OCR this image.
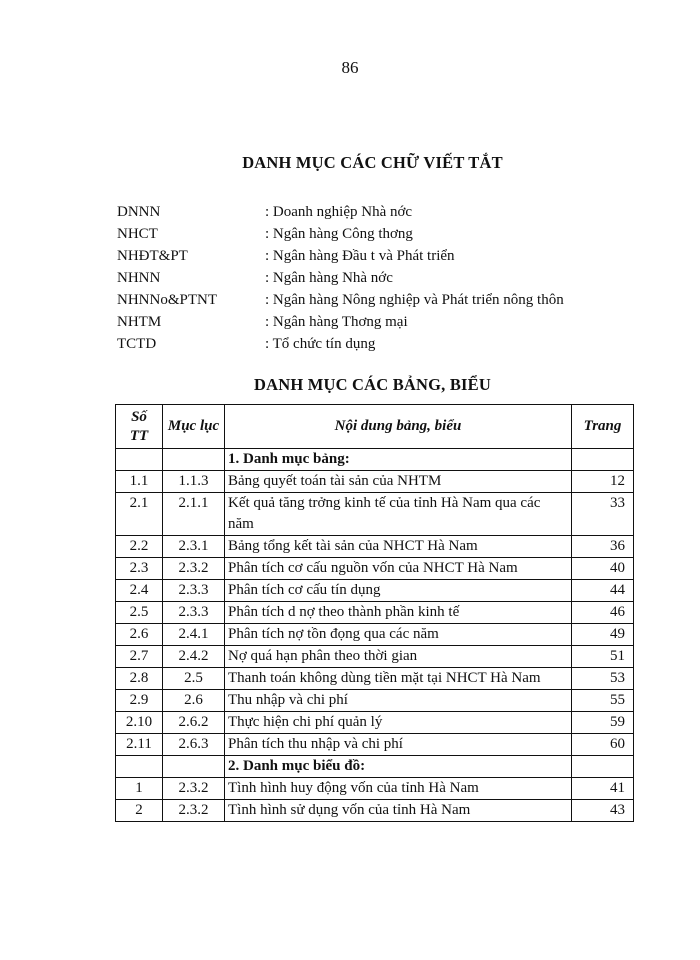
86
DANH MỤC CÁC CHỮ VIẾT TẮT
DNNN	: Doanh nghiệp Nhà nớc
NHCT	: Ngân hàng Công thơng
NHĐT&PT	: Ngân hàng Đầu t và Phát triển
NHNN	: Ngân hàng Nhà nớc
NHNNo&PTNT	: Ngân hàng Nông nghiệp và Phát triển nông thôn
NHTM	: Ngân hàng Thơng mại
TCTD	: Tổ chức tín dụng
DANH MỤC CÁC BẢNG, BIỂU
Số TT	Mục lục	Nội dung bảng, biểu	Trang
		1. Danh mục bảng:	
1.1	1.1.3	Bảng quyết toán tài sản của NHTM	12
2.1	2.1.1	Kết quả tăng trởng kinh tế của tỉnh Hà Nam qua các năm	33
2.2	2.3.1	Bảng tổng kết tài sản của NHCT Hà Nam	36
2.3	2.3.2	Phân tích cơ cấu nguồn vốn của NHCT Hà Nam	40
2.4	2.3.3	Phân tích cơ cấu tín dụng	44
2.5	2.3.3	Phân tích d nợ theo thành phần kinh tế	46
2.6	2.4.1	Phân tích nợ tồn đọng qua các năm	49
2.7	2.4.2	Nợ quá hạn phân theo thời gian	51
2.8	2.5	Thanh toán không dùng tiền mặt tại NHCT Hà Nam	53
2.9	2.6	Thu nhập và chi phí	55
2.10	2.6.2	Thực hiện chi phí quản lý	59
2.11	2.6.3	Phân tích thu nhập và chi phí	60
		2. Danh mục biểu đồ:	
1	2.3.2	Tình hình huy động vốn của tỉnh Hà Nam	41
2	2.3.2	Tình hình sử dụng vốn của tỉnh Hà Nam	43
